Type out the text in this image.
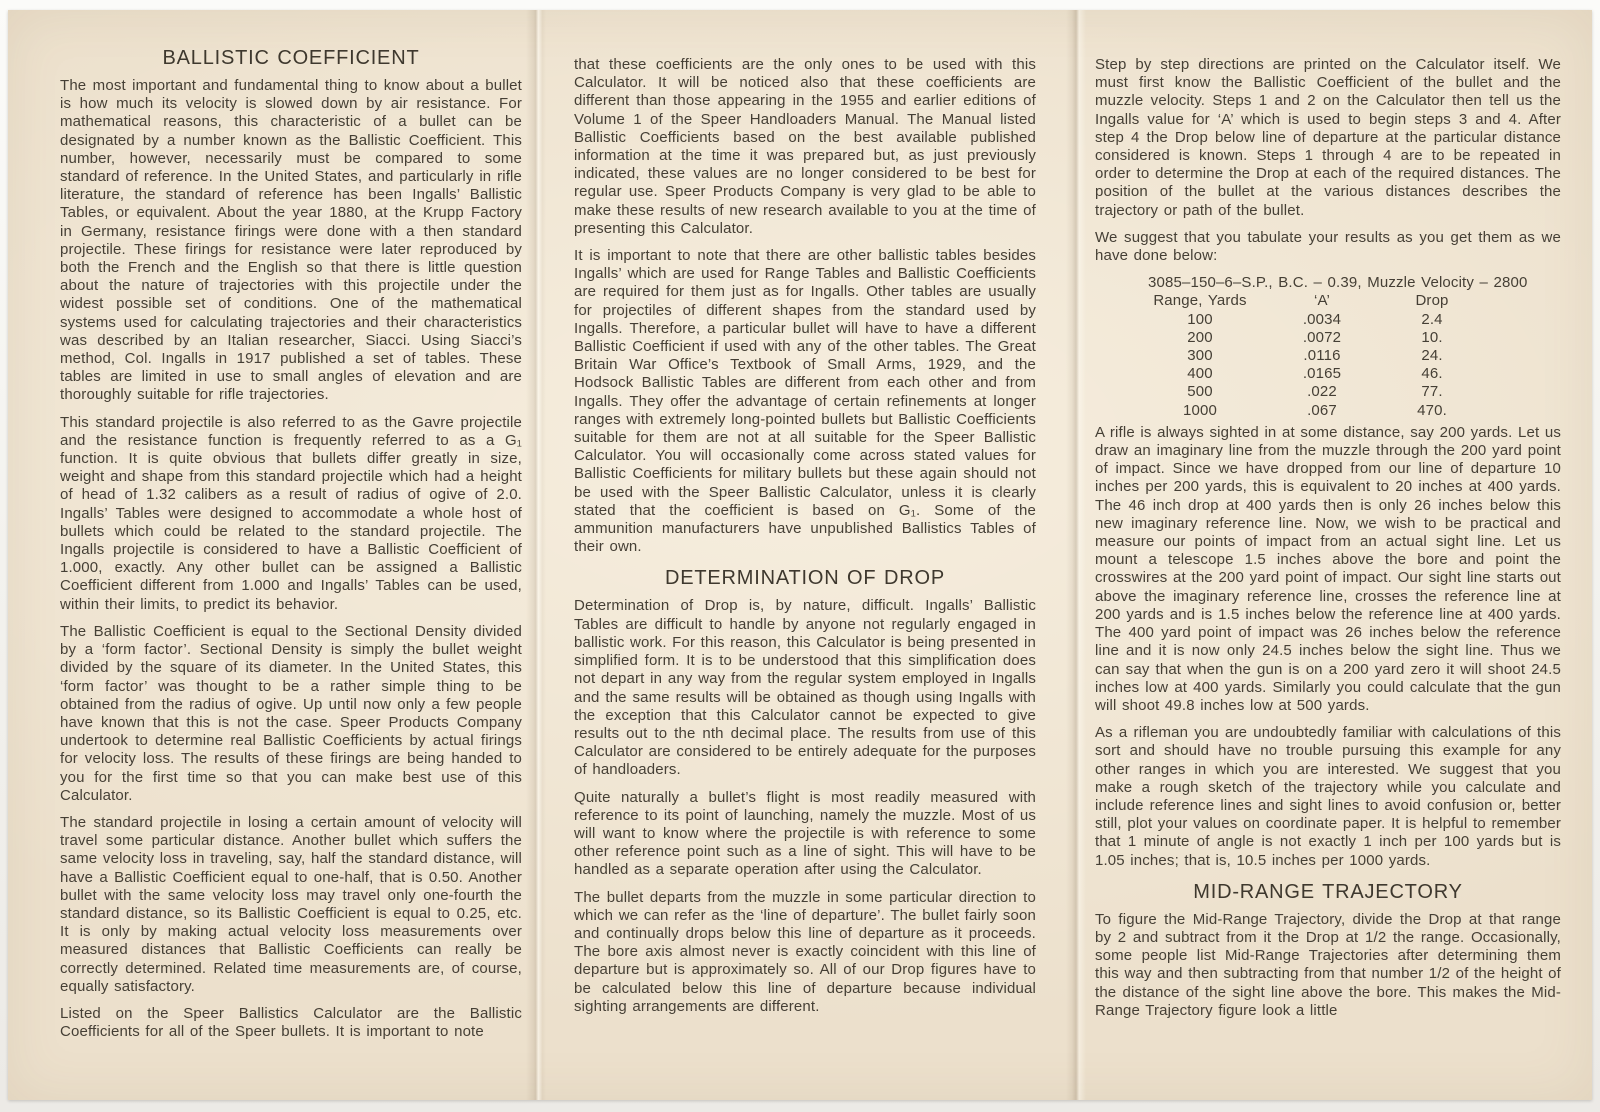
BALLISTIC COEFFICIENT

The most important and fundamental thing to know about a bullet is how much its velocity is slowed down by air resistance. For mathematical reasons, this characteristic of a bullet can be designated by a number known as the Ballistic Coefficient. This number, however, necessarily must be compared to some standard of reference. In the United States, and particularly in rifle literature, the standard of reference has been Ingalls’ Ballistic Tables, or equivalent. About the year 1880, at the Krupp Factory in Germany, resistance firings were done with a then standard projectile. These firings for resistance were later reproduced by both the French and the English so that there is little question about the nature of trajectories with this projectile under the widest possible set of conditions. One of the mathematical systems used for calculating trajectories and their characteristics was described by an Italian researcher, Siacci. Using Siacci’s method, Col. Ingalls in 1917 published a set of tables. These tables are limited in use to small angles of elevation and are thoroughly suitable for rifle trajectories.

This standard projectile is also referred to as the Gavre projectile and the resistance function is frequently referred to as a G₁ function. It is quite obvious that bullets differ greatly in size, weight and shape from this standard projectile which had a height of head of 1.32 calibers as a result of radius of ogive of 2.0. Ingalls’ Tables were designed to accommodate a whole host of bullets which could be related to the standard projectile. The Ingalls projectile is considered to have a Ballistic Coefficient of 1.000, exactly. Any other bullet can be assigned a Ballistic Coefficient different from 1.000 and Ingalls’ Tables can be used, within their limits, to predict its behavior.

The Ballistic Coefficient is equal to the Sectional Density divided by a ‘form factor’. Sectional Density is simply the bullet weight divided by the square of its diameter. In the United States, this ‘form factor’ was thought to be a rather simple thing to be obtained from the radius of ogive. Up until now only a few people have known that this is not the case. Speer Products Company undertook to determine real Ballistic Coefficients by actual firings for velocity loss. The results of these firings are being handed to you for the first time so that you can make best use of this Calculator.

The standard projectile in losing a certain amount of velocity will travel some particular distance. Another bullet which suffers the same velocity loss in traveling, say, half the standard distance, will have a Ballistic Coefficient equal to one-half, that is 0.50. Another bullet with the same velocity loss may travel only one-fourth the standard distance, so its Ballistic Coefficient is equal to 0.25, etc. It is only by making actual velocity loss measurements over measured distances that Ballistic Coefficients can really be correctly determined. Related time measurements are, of course, equally satisfactory.

Listed on the Speer Ballistics Calculator are the Ballistic Coefficients for all of the Speer bullets. It is important to note

that these coefficients are the only ones to be used with this Calculator. It will be noticed also that these coefficients are different than those appearing in the 1955 and earlier editions of Volume 1 of the Speer Handloaders Manual. The Manual listed Ballistic Coefficients based on the best available published information at the time it was prepared but, as just previously indicated, these values are no longer considered to be best for regular use. Speer Products Company is very glad to be able to make these results of new research available to you at the time of presenting this Calculator.

It is important to note that there are other ballistic tables besides Ingalls’ which are used for Range Tables and Ballistic Coefficients are required for them just as for Ingalls. Other tables are usually for projectiles of different shapes from the standard used by Ingalls. Therefore, a particular bullet will have to have a different Ballistic Coefficient if used with any of the other tables. The Great Britain War Office’s Textbook of Small Arms, 1929, and the Hodsock Ballistic Tables are different from each other and from Ingalls. They offer the advantage of certain refinements at longer ranges with extremely long-pointed bullets but Ballistic Coefficients suitable for them are not at all suitable for the Speer Ballistic Calculator. You will occasionally come across stated values for Ballistic Coefficients for military bullets but these again should not be used with the Speer Ballistic Calculator, unless it is clearly stated that the coefficient is based on G₁. Some of the ammunition manufacturers have unpublished Ballistics Tables of their own.

DETERMINATION OF DROP

Determination of Drop is, by nature, difficult. Ingalls’ Ballistic Tables are difficult to handle by anyone not regularly engaged in ballistic work. For this reason, this Calculator is being presented in simplified form. It is to be understood that this simplification does not depart in any way from the regular system employed in Ingalls and the same results will be obtained as though using Ingalls with the exception that this Calculator cannot be expected to give results out to the nth decimal place. The results from use of this Calculator are considered to be entirely adequate for the purposes of handloaders.

Quite naturally a bullet’s flight is most readily measured with reference to its point of launching, namely the muzzle. Most of us will want to know where the projectile is with reference to some other reference point such as a line of sight. This will have to be handled as a separate operation after using the Calculator.

The bullet departs from the muzzle in some particular direction to which we can refer as the ‘line of departure’. The bullet fairly soon and continually drops below this line of departure as it proceeds. The bore axis almost never is exactly coincident with this line of departure but is approximately so. All of our Drop figures have to be calculated below this line of departure because individual sighting arrangements are different.

Step by step directions are printed on the Calculator itself. We must first know the Ballistic Coefficient of the bullet and the muzzle velocity. Steps 1 and 2 on the Calculator then tell us the Ingalls value for ‘A’ which is used to begin steps 3 and 4. After step 4 the Drop below line of departure at the particular distance considered is known. Steps 1 through 4 are to be repeated in order to determine the Drop at each of the required distances. The position of the bullet at the various distances describes the trajectory or path of the bullet.

We suggest that you tabulate your results as you get them as we have done below:

3085–150–6–S.P., B.C. – 0.39, Muzzle Velocity – 2800
Range, Yards	‘A’	Drop
100	.0034	2.4
200	.0072	10.
300	.0116	24.
400	.0165	46.
500	.022	77.
1000	.067	470.

A rifle is always sighted in at some distance, say 200 yards. Let us draw an imaginary line from the muzzle through the 200 yard point of impact. Since we have dropped from our line of departure 10 inches per 200 yards, this is equivalent to 20 inches at 400 yards. The 46 inch drop at 400 yards then is only 26 inches below this new imaginary reference line. Now, we wish to be practical and measure our points of impact from an actual sight line. Let us mount a telescope 1.5 inches above the bore and point the crosswires at the 200 yard point of impact. Our sight line starts out above the imaginary reference line, crosses the reference line at 200 yards and is 1.5 inches below the reference line at 400 yards. The 400 yard point of impact was 26 inches below the reference line and it is now only 24.5 inches below the sight line. Thus we can say that when the gun is on a 200 yard zero it will shoot 24.5 inches low at 400 yards. Similarly you could calculate that the gun will shoot 49.8 inches low at 500 yards.

As a rifleman you are undoubtedly familiar with calculations of this sort and should have no trouble pursuing this example for any other ranges in which you are interested. We suggest that you make a rough sketch of the trajectory while you calculate and include reference lines and sight lines to avoid confusion or, better still, plot your values on coordinate paper. It is helpful to remember that 1 minute of angle is not exactly 1 inch per 100 yards but is 1.05 inches; that is, 10.5 inches per 1000 yards.

MID-RANGE TRAJECTORY

To figure the Mid-Range Trajectory, divide the Drop at that range by 2 and subtract from it the Drop at 1/2 the range. Occasionally, some people list Mid-Range Trajectories after determining them this way and then subtracting from that number 1/2 of the height of the distance of the sight line above the bore. This makes the Mid-Range Trajectory figure look a little
